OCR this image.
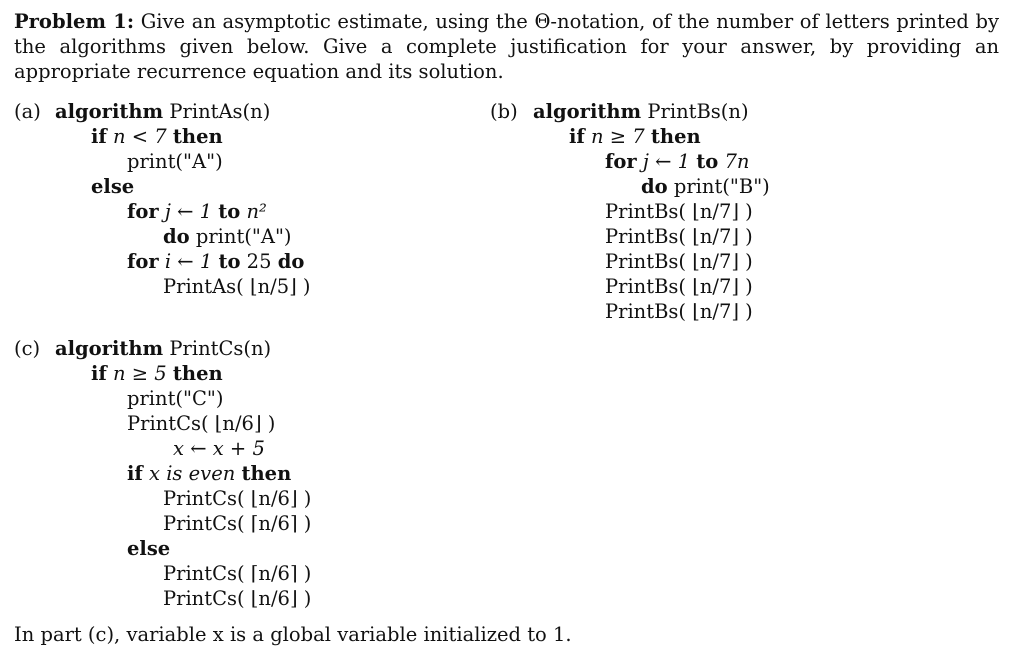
Problem 1: Give an asymptotic estimate, using the Θ-notation, of the number of letters printed by the algorithms given below. Give a complete justification for your answer, by providing an appropriate recurrence equation and its solution.
(a) algorithm PrintAs(n)
if n < 7 then
print("A")
else
for j ← 1 to n²
do print("A")
for i ← 1 to 25 do
PrintAs( ⌊n/5⌋ )
(b) algorithm PrintBs(n)
if n ≥ 7 then
for j ← 1 to 7n
do print("B")
PrintBs( ⌊n/7⌋ )
PrintBs( ⌊n/7⌋ )
PrintBs( ⌊n/7⌋ )
PrintBs( ⌊n/7⌋ )
PrintBs( ⌊n/7⌋ )
(c) algorithm PrintCs(n)
if n ≥ 5 then
print("C")
PrintCs( ⌊n/6⌋ )
x ← x + 5
if x is even then
PrintCs( ⌊n/6⌋ )
PrintCs( ⌈n/6⌉ )
else
PrintCs( ⌈n/6⌉ )
PrintCs( ⌊n/6⌋ )
In part (c), variable x is a global variable initialized to 1.
